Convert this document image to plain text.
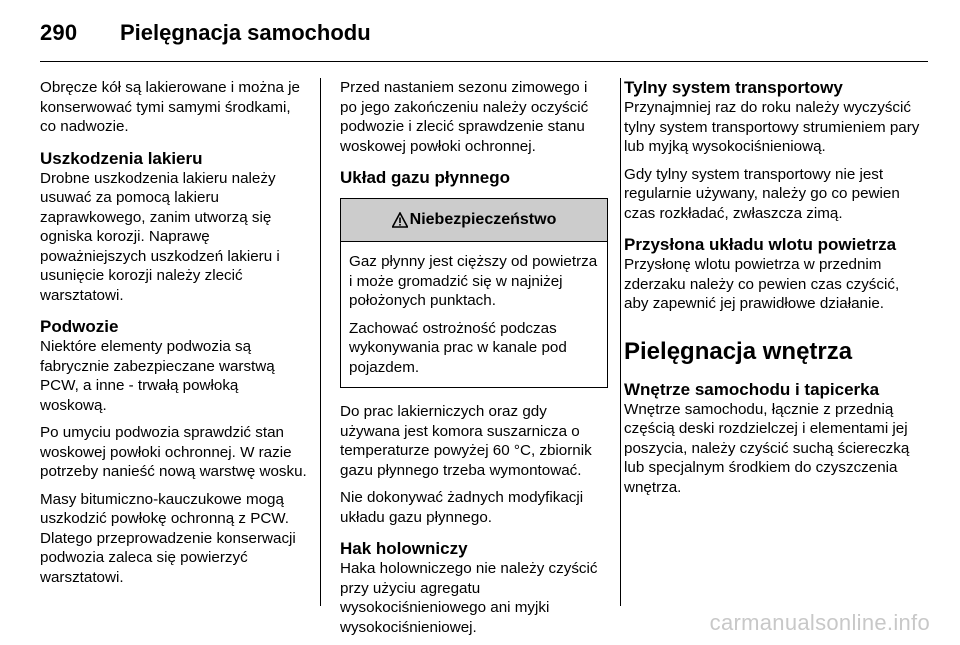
290 Pielęgnacja samochodu

Obręcze kół są lakierowane i można je konserwować tymi samymi środkami, co nadwozie.

Uszkodzenia lakieru

Drobne uszkodzenia lakieru należy usuwać za pomocą lakieru zaprawkowego, zanim utworzą się ogniska korozji. Naprawę poważniejszych uszkodzeń lakieru i usunięcie korozji należy zlecić warsztatowi.

Podwozie

Niektóre elementy podwozia są fabrycznie zabezpieczane warstwą PCW, a inne - trwałą powłoką woskową.

Po umyciu podwozia sprawdzić stan woskowej powłoki ochronnej. W razie potrzeby nanieść nową warstwę wosku.

Masy bitumiczno-kauczukowe mogą uszkodzić powłokę ochronną z PCW. Dlatego przeprowadzenie konserwacji podwozia zaleca się powierzyć warsztatowi.

Przed nastaniem sezonu zimowego i po jego zakończeniu należy oczyścić podwozie i zlecić sprawdzenie stanu woskowej powłoki ochronnej.

Układ gazu płynnego
Niebezpieczeństwo

Gaz płynny jest cięższy od powietrza i może gromadzić się w najniżej położonych punktach.

Zachować ostrożność podczas wykonywania prac w kanale pod pojazdem.

Do prac lakierniczych oraz gdy używana jest komora suszarnicza o temperaturze powyżej 60 °C, zbiornik gazu płynnego trzeba wymontować.

Nie dokonywać żadnych modyfikacji układu gazu płynnego.

Hak holowniczy

Haka holowniczego nie należy czyścić przy użyciu agregatu wysokociśnieniowego ani myjki wysokociśnieniowej.

Tylny system transportowy

Przynajmniej raz do roku należy wyczyścić tylny system transportowy strumieniem pary lub myjką wysokociśnieniową.

Gdy tylny system transportowy nie jest regularnie używany, należy go co pewien czas rozkładać, zwłaszcza zimą.

Przysłona układu wlotu powietrza

Przysłonę wlotu powietrza w przednim zderzaku należy co pewien czas czyścić, aby zapewnić jej prawidłowe działanie.

Pielęgnacja wnętrza
Wnętrze samochodu i tapicerka

Wnętrze samochodu, łącznie z przednią częścią deski rozdzielczej i elementami jej poszycia, należy czyścić suchą ściereczką lub specjalnym środkiem do czyszczenia wnętrza.

carmanualsonline.info
